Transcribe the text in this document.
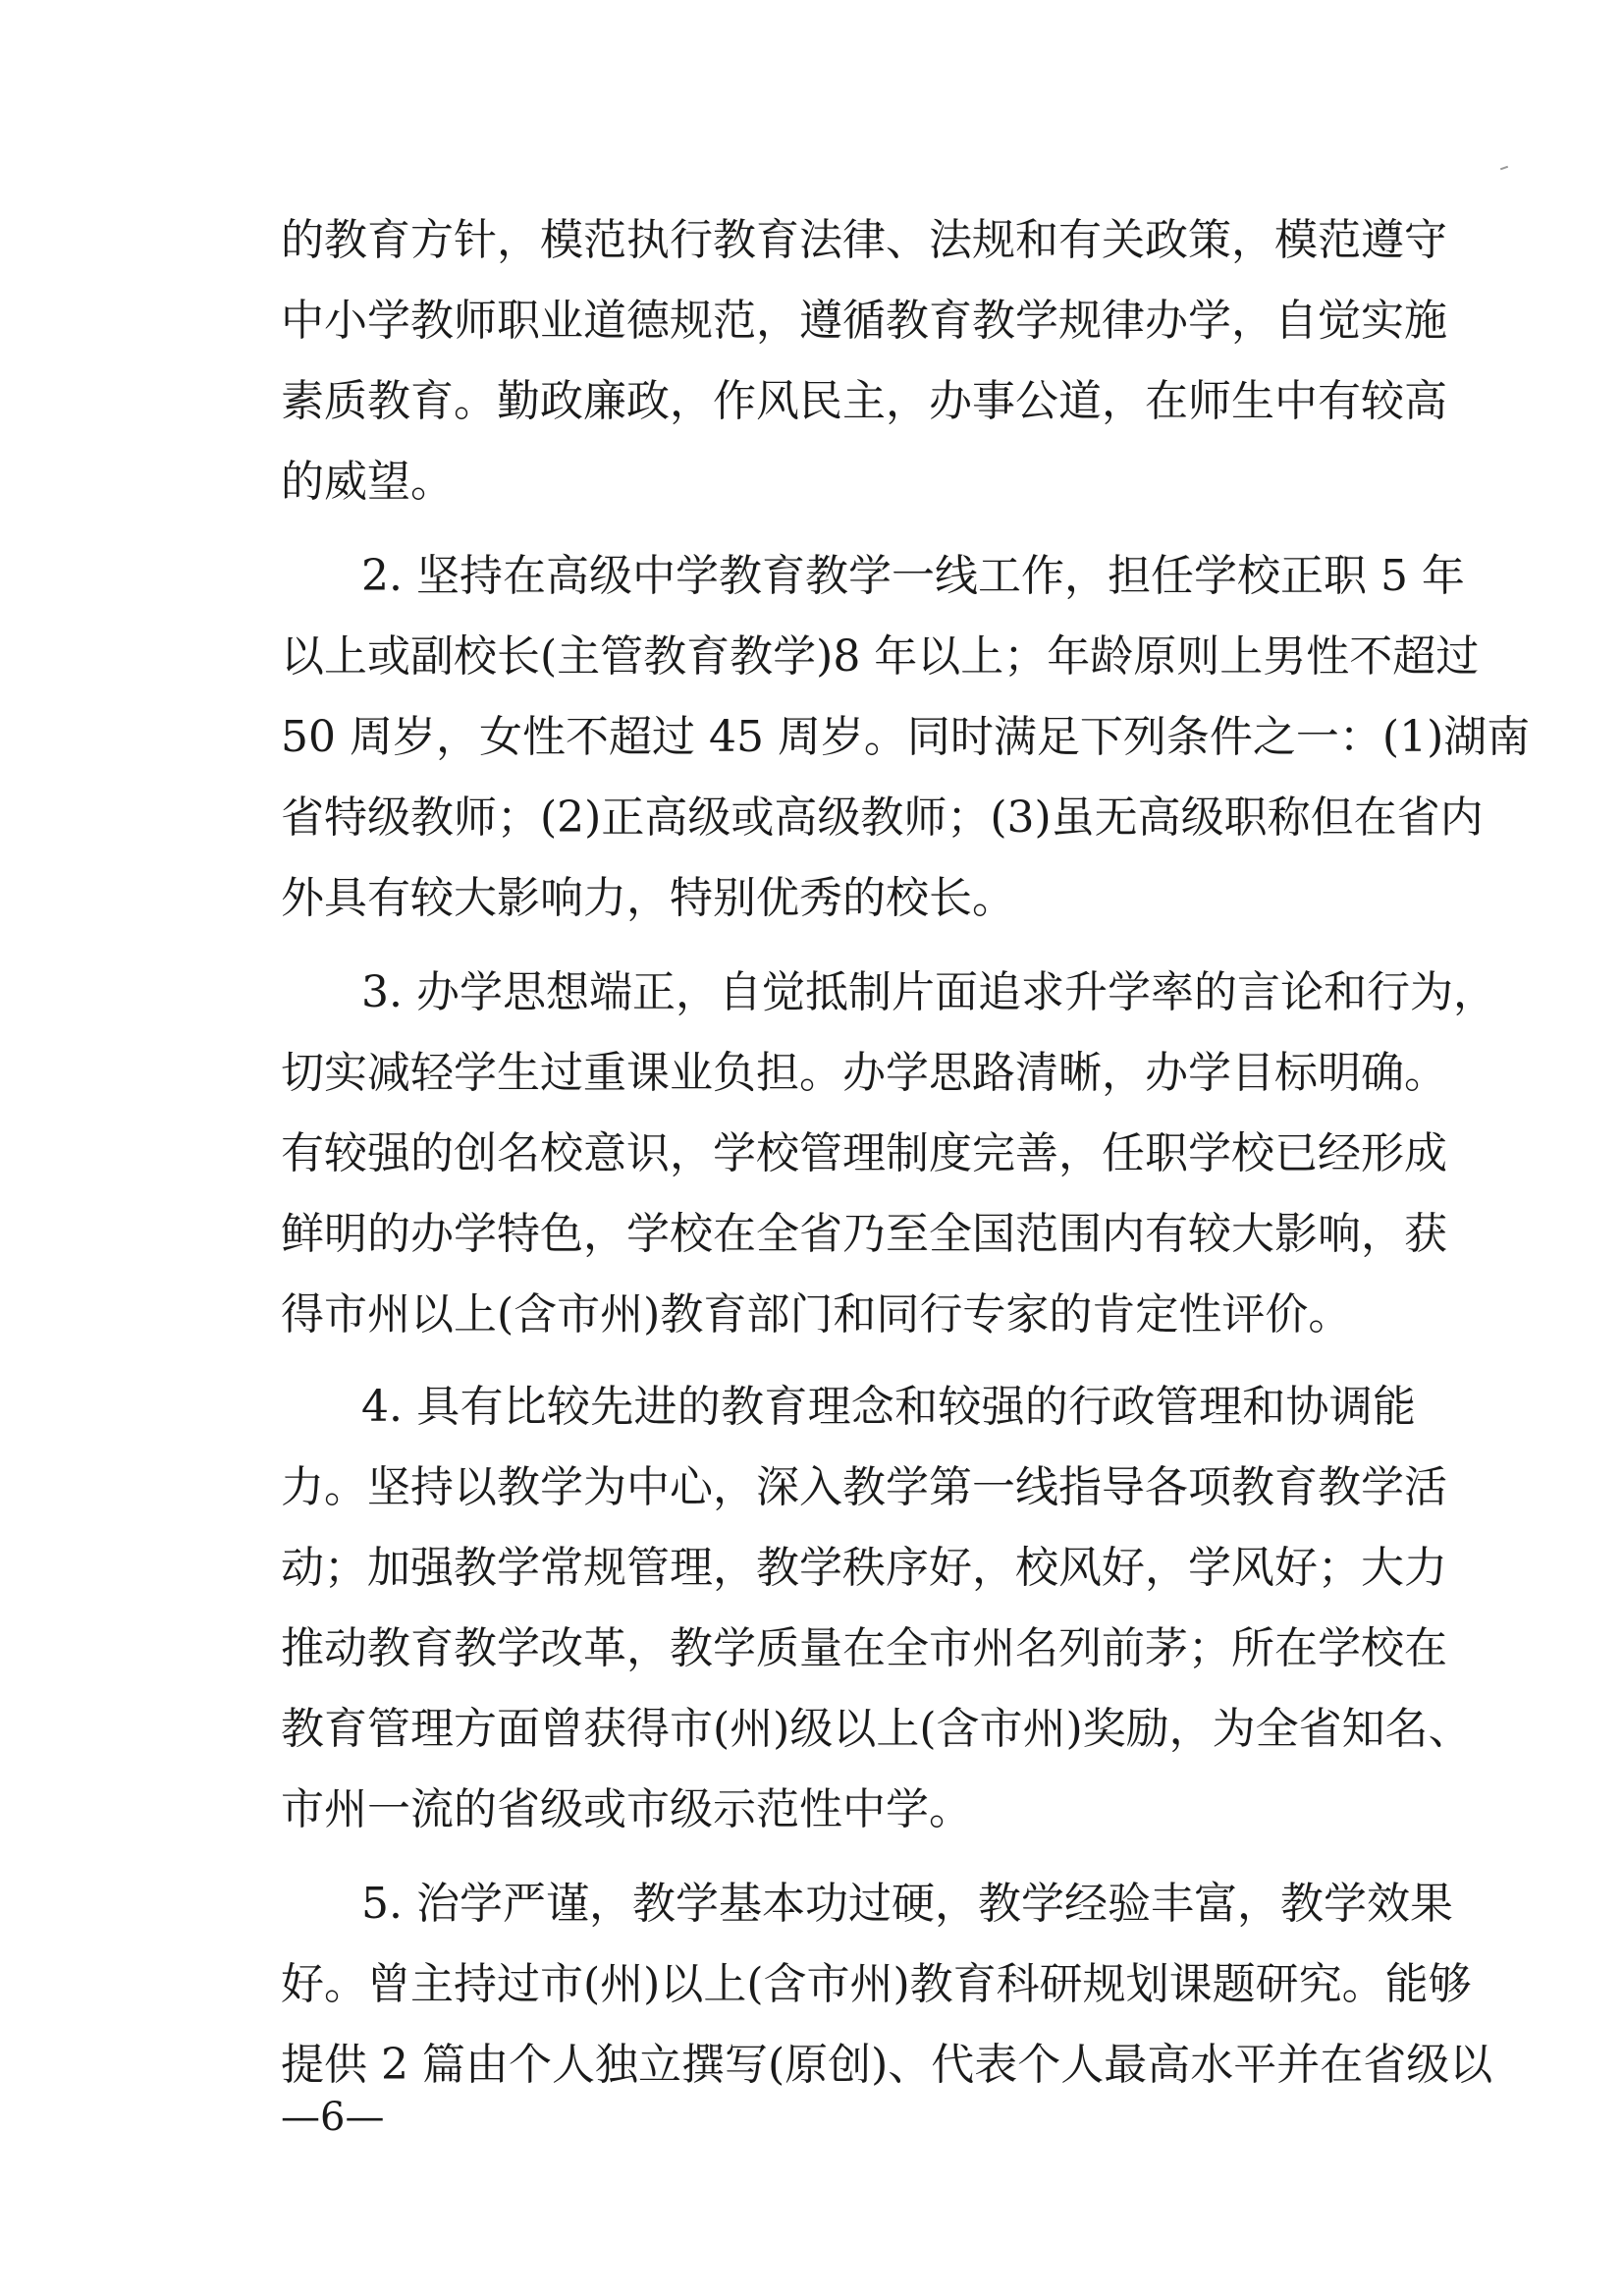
的教育方针，模范执行教育法律、法规和有关政策，模范遵守
中小学教师职业道德规范，遵循教育教学规律办学，自觉实施
素质教育。勤政廉政，作风民主，办事公道，在师生中有较高
的威望。
2. 坚持在高级中学教育教学一线工作，担任学校正职 5 年
以上或副校长(主管教育教学)8 年以上；年龄原则上男性不超过
50 周岁，女性不超过 45 周岁。同时满足下列条件之一：(1)湖南
省特级教师；(2)正高级或高级教师；(3)虽无高级职称但在省内
外具有较大影响力，特别优秀的校长。
3. 办学思想端正，自觉抵制片面追求升学率的言论和行为，
切实减轻学生过重课业负担。办学思路清晰，办学目标明确。
有较强的创名校意识，学校管理制度完善，任职学校已经形成
鲜明的办学特色，学校在全省乃至全国范围内有较大影响，获
得市州以上(含市州)教育部门和同行专家的肯定性评价。
4. 具有比较先进的教育理念和较强的行政管理和协调能
力。坚持以教学为中心，深入教学第一线指导各项教育教学活
动；加强教学常规管理，教学秩序好，校风好，学风好；大力
推动教育教学改革，教学质量在全市州名列前茅；所在学校在
教育管理方面曾获得市(州)级以上(含市州)奖励，为全省知名、
市州一流的省级或市级示范性中学。
5. 治学严谨，教学基本功过硬，教学经验丰富，教学效果
好。曾主持过市(州)以上(含市州)教育科研规划课题研究。能够
提供 2 篇由个人独立撰写(原创)、代表个人最高水平并在省级以
—6—
